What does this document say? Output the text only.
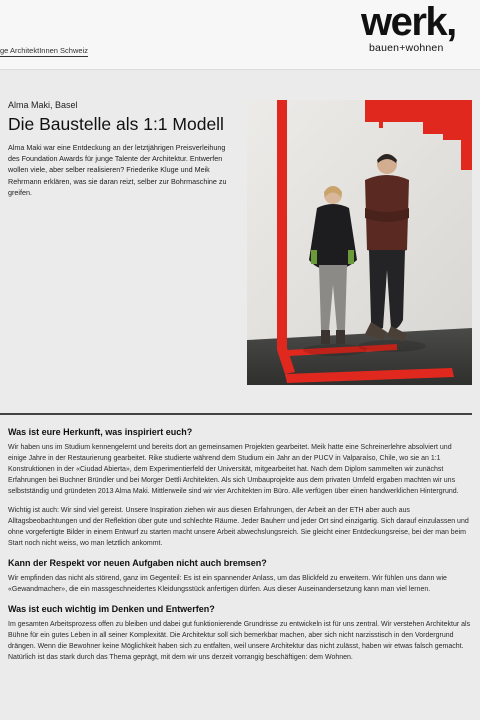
ge ArchitektInnen Schweiz
werk,
bauen+wohnen
Alma Maki, Basel
Die Baustelle als 1:1 Modell

Alma Maki war eine Entdeckung an der letztjährigen Preisverleihung des Foundation Awards für junge Talente der Architektur. Entwerfen wollen viele, aber selber realisieren? Friederike Kluge und Meik Rehrmann erklären, was sie daran reizt, selber zur Bohrmaschine zu greifen.

Was ist eure Herkunft, was inspiriert euch?

Wir haben uns im Studium kennengelernt und bereits dort an gemeinsamen Projekten gearbeitet. Meik hatte eine Schreinerlehre absolviert und einige Jahre in der Restaurierung gearbeitet. Rike studierte während dem Studium ein Jahr an der PUCV in Valparaíso, Chile, wo sie an 1:1 Konstruktionen in der «Ciudad Abierta», dem Experimentierfeld der Universität, mitgearbeitet hat. Nach dem Diplom sammelten wir zunächst Erfahrungen bei Buchner Bründler und bei Morger Dettli Architekten. Als sich Umbauprojekte aus dem privaten Umfeld ergaben machten wir uns selbstständig und gründeten 2013 Alma Maki. Mittlerweile sind wir vier Architekten im Büro. Alle verfügen über einen handwerklichen Hintergrund.

Wichtig ist auch: Wir sind viel gereist. Unsere Inspiration ziehen wir aus diesen Erfahrungen, der Arbeit an der ETH aber auch aus Alltagsbeobachtungen und der Reflektion über gute und schlechte Räume. Jeder Bauherr und jeder Ort sind einzigartig. Sich darauf einzulassen und ohne vorgefertigte Bilder in einem Entwurf zu starten macht unsere Arbeit abwechslungsreich. Sie gleicht einer Entdeckungsreise, bei der man beim Start noch nicht weiss, wo man letztlich ankommt.

Kann der Respekt vor neuen Aufgaben nicht auch bremsen?

Wir empfinden das nicht als störend, ganz im Gegenteil: Es ist ein spannender Anlass, um das Blickfeld zu erweitern. Wir fühlen uns dann wie «Gewandmacher», die ein massgeschneidertes Kleidungsstück anfertigen dürfen. Aus dieser Auseinandersetzung kann man viel lernen.

Was ist euch wichtig im Denken und Entwerfen?

Im gesamten Arbeitsprozess offen zu bleiben und dabei gut funktionierende Grundrisse zu entwickeln ist für uns zentral. Wir verstehen Architektur als Bühne für ein gutes Leben in all seiner Komplexität. Die Architektur soll sich bemerkbar machen, aber sich nicht narzisstisch in den Vordergrund drängen. Wenn die Bewohner keine Möglichkeit haben sich zu entfalten, weil unsere Architektur das nicht zulässt, haben wir etwas falsch gemacht. Natürlich ist das stark durch das Thema geprägt, mit dem wir uns derzeit vorrangig beschäftigen: dem Wohnen.
